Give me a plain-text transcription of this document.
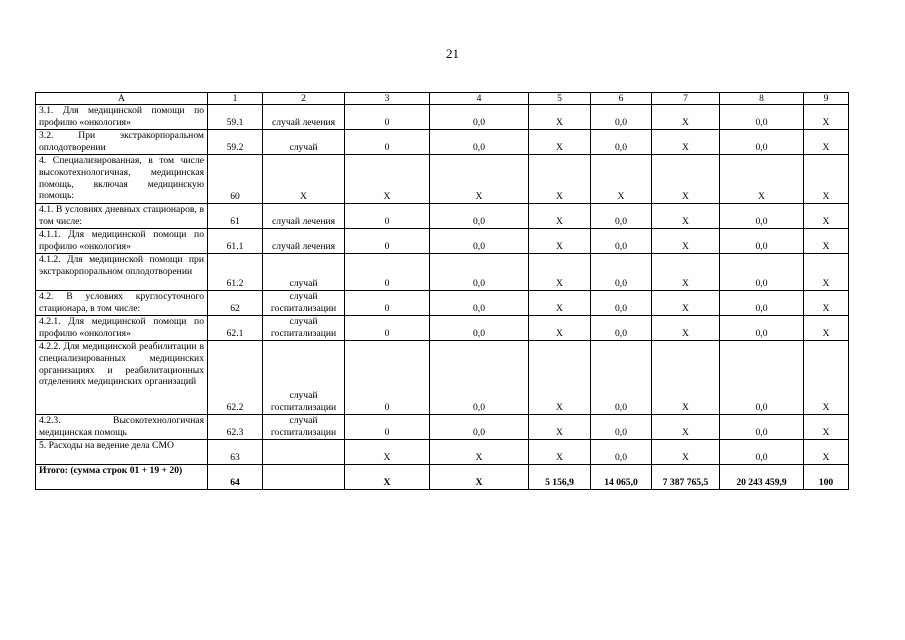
21
A	1	2	3	4	5	6	7	8	9
3.1. Для медицинской помощи по профилю «онкология»	59.1	случай лечения	0	0,0	X	0,0	X	0,0	X
3.2. При экстракорпоральном оплодотворении	59.2	случай	0	0,0	X	0,0	X	0,0	X
4. Специализированная, в том числе высокотехнологичная, медицинская помощь, включая медицинскую помощь:	60	X	X	X	X	X	X	X	X
4.1. В условиях дневных стационаров, в том числе:	61	случай лечения	0	0,0	X	0,0	X	0,0	X
4.1.1. Для медицинской помощи по профилю «онкология»	61.1	случай лечения	0	0,0	X	0,0	X	0,0	X
4.1.2. Для медицинской помощи при экстракорпоральном оплодотворении	61.2	случай	0	0,0	X	0,0	X	0,0	X
4.2. В условиях круглосуточного стационара, в том числе:	62	случай госпитализации	0	0,0	X	0,0	X	0,0	X
4.2.1. Для медицинской помощи по профилю «онкология»	62.1	случай госпитализации	0	0,0	X	0,0	X	0,0	X
4.2.2. Для медицинской реабилитации в специализированных медицинских организациях и реабилитационных отделениях медицинских организаций	62.2	случай госпитализации	0	0,0	X	0,0	X	0,0	X
4.2.3. Высокотехнологичная медицинская помощь	62.3	случай госпитализации	0	0,0	X	0,0	X	0,0	X
5. Расходы на ведение дела СМО	63		X	X	X	0,0	X	0,0	X
Итого: (сумма строк 01 + 19 + 20)	64		X	X	5 156,9	14 065,0	7 387 765,5	20 243 459,9	100
